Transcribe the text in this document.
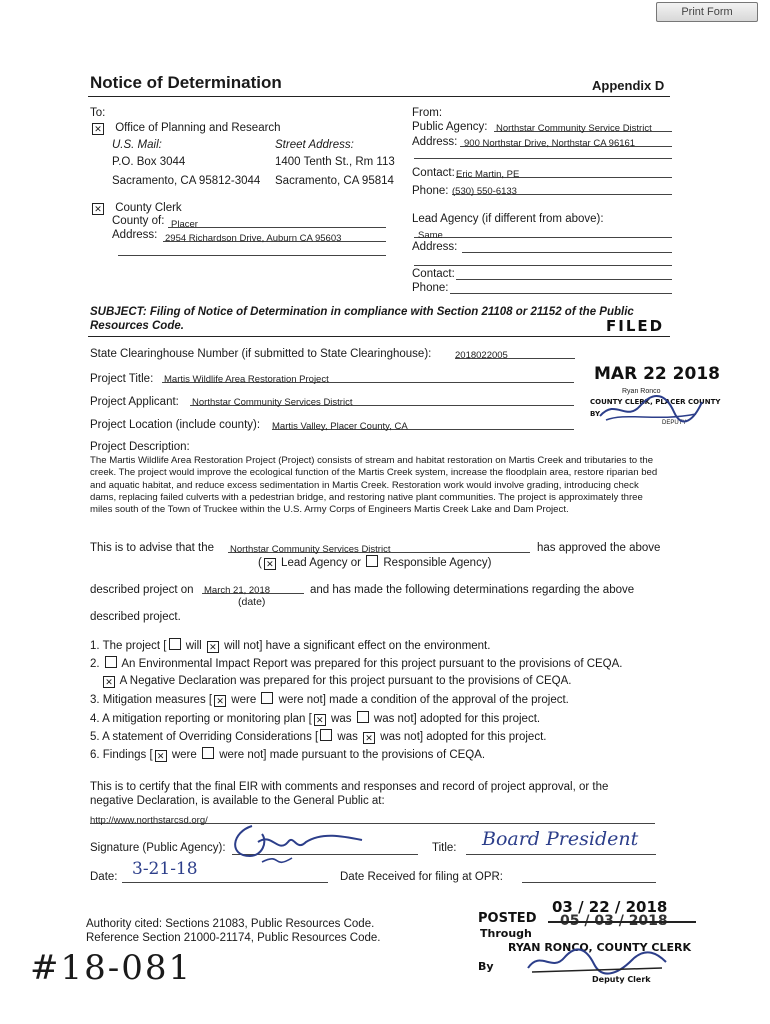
Print Form
Notice of Determination	Appendix D
To:
✕ Office of Planning and Research
U.S. Mail:	Street Address:
P.O. Box 3044	1400 Tenth St., Rm 113
Sacramento, CA 95812-3044 Sacramento, CA 95814
✕ County Clerk
County of: Placer
Address: 2954 Richardson Drive, Auburn CA 95603
From:
Public Agency: Northstar Community Service District
Address: 900 Northstar Drive, Northstar CA 96161
Contact: Eric Martin, PE
Phone: (530) 550-6133
Lead Agency (if different from above):
Same
Address:
Contact:
Phone:
SUBJECT: Filing of Notice of Determination in compliance with Section 21108 or 21152 of the Public
Resources Code.	FILED
MAR 22 2018
Ryan Ronco
COUNTY CLERK, PLACER COUNTY
BY
DEPUTY
State Clearinghouse Number (if submitted to State Clearinghouse): 2018022005
Project Title: Martis Wildlife Area Restoration Project
Project Applicant: Northstar Community Services District
Project Location (include county): Martis Valley, Placer County, CA
Project Description:
The Martis Wildlife Area Restoration Project (Project) consists of stream and habitat restoration on Martis Creek and tributaries to the creek. The project would improve the ecological function of the Martis Creek system, increase the floodplain area, restore riparian bed and aquatic habitat, and reduce excess sedimentation in Martis Creek. Restoration work would involve grading, introducing check dams, replacing failed culverts with a pedestrian bridge, and restoring native plant communities. The project is approximately three miles south of the Town of Truckee within the U.S. Army Corps of Engineers Martis Creek Lake and Dam Project.
This is to advise that the Northstar Community Services District	has approved the above
( ✕ Lead Agency or Responsible Agency)
described project on March 21, 2018
(date)
and has made the following determinations regarding the above
described project.
1. The project [ will ✕ will not] have a significant effect on the environment.
2. An Environmental Impact Report was prepared for this project pursuant to the provisions of CEQA.
✕ A Negative Declaration was prepared for this project pursuant to the provisions of CEQA.
3. Mitigation measures [ ✕ were were not] made a condition of the approval of the project.
4. A mitigation reporting or monitoring plan [ ✕ was was not] adopted for this project.
5. A statement of Overriding Considerations [ was ✕ was not] adopted for this project.
6. Findings [ ✕ were were not] made pursuant to the provisions of CEQA.
This is to certify that the final EIR with comments and responses and record of project approval, or the
negative Declaration, is available to the General Public at:
http://www.northstarcsd.org/
Signature (Public Agency):	Title: Board President
Date: 3-21-18	Date Received for filing at OPR:
Authority cited: Sections 21083, Public Resources Code.
Reference Section 21000-21174, Public Resources Code.
03 / 22 / 2018
POSTED
Through
05 / 03 / 2018
RYAN RONCO, COUNTY CLERK
By
Deputy Clerk
#18-081
